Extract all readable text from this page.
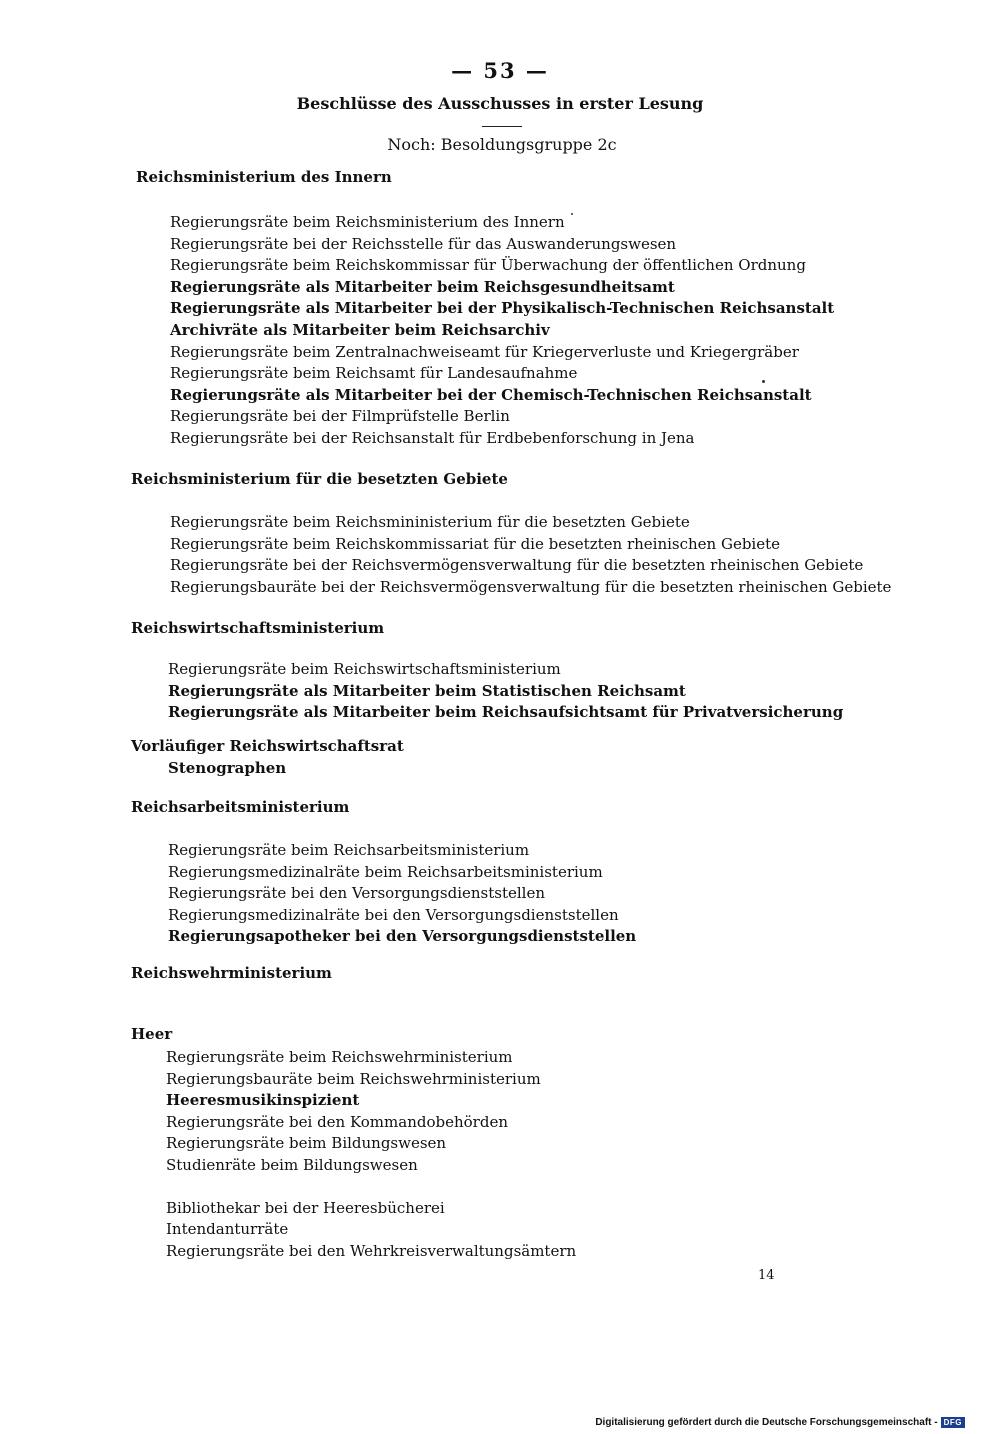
— 53 —
Beschlüsse des Ausschusses in erster Lesung
Noch: Besoldungsgruppe 2c
Reichsministerium des Innern
Regierungsräte beim Reichsministerium des Innern
Regierungsräte bei der Reichsstelle für das Auswanderungswesen
Regierungsräte beim Reichskommissar für Überwachung der öffentlichen Ordnung
Regierungsräte als Mitarbeiter beim Reichsgesundheitsamt
Regierungsräte als Mitarbeiter bei der Physikalisch-Technischen Reichsanstalt
Archivräte als Mitarbeiter beim Reichsarchiv
Regierungsräte beim Zentralnachweiseamt für Kriegerverluste und Kriegergräber
Regierungsräte beim Reichsamt für Landesaufnahme
Regierungsräte als Mitarbeiter bei der Chemisch-Technischen Reichsanstalt
Regierungsräte bei der Filmprüfstelle Berlin
Regierungsräte bei der Reichsanstalt für Erdbebenforschung in Jena
Reichsministerium für die besetzten Gebiete
Regierungsräte beim Reichsmininisterium für die besetzten Gebiete
Regierungsräte beim Reichskommissariat für die besetzten rheinischen Gebiete
Regierungsräte bei der Reichsvermögensverwaltung für die besetzten rheinischen Gebiete
Regierungsbauräte bei der Reichsvermögensverwaltung für die besetzten rheinischen Gebiete
Reichswirtschaftsministerium
Regierungsräte beim Reichswirtschaftsministerium
Regierungsräte als Mitarbeiter beim Statistischen Reichsamt
Regierungsräte als Mitarbeiter beim Reichsaufsichtsamt für Privatversicherung
Vorläufiger Reichswirtschaftsrat
Stenographen
Reichsarbeitsministerium
Regierungsräte beim Reichsarbeitsministerium
Regierungsmedizinalräte beim Reichsarbeitsministerium
Regierungsräte bei den Versorgungsdienststellen
Regierungsmedizinalräte bei den Versorgungsdienststellen
Regierungsapotheker bei den Versorgungsdienststellen
Reichswehrministerium
Heer
Regierungsräte beim Reichswehrministerium
Regierungsbauräte beim Reichswehrministerium
Heeresmusikinspizient
Regierungsräte bei den Kommandobehörden
Regierungsräte beim Bildungswesen
Studienräte beim Bildungswesen
Bibliothekar bei der Heeresbücherei
Intendanturräte
Regierungsräte bei den Wehrkreisverwaltungsämtern
14
Digitalisierung gefördert durch die Deutsche Forschungsgemeinschaft - DFG
